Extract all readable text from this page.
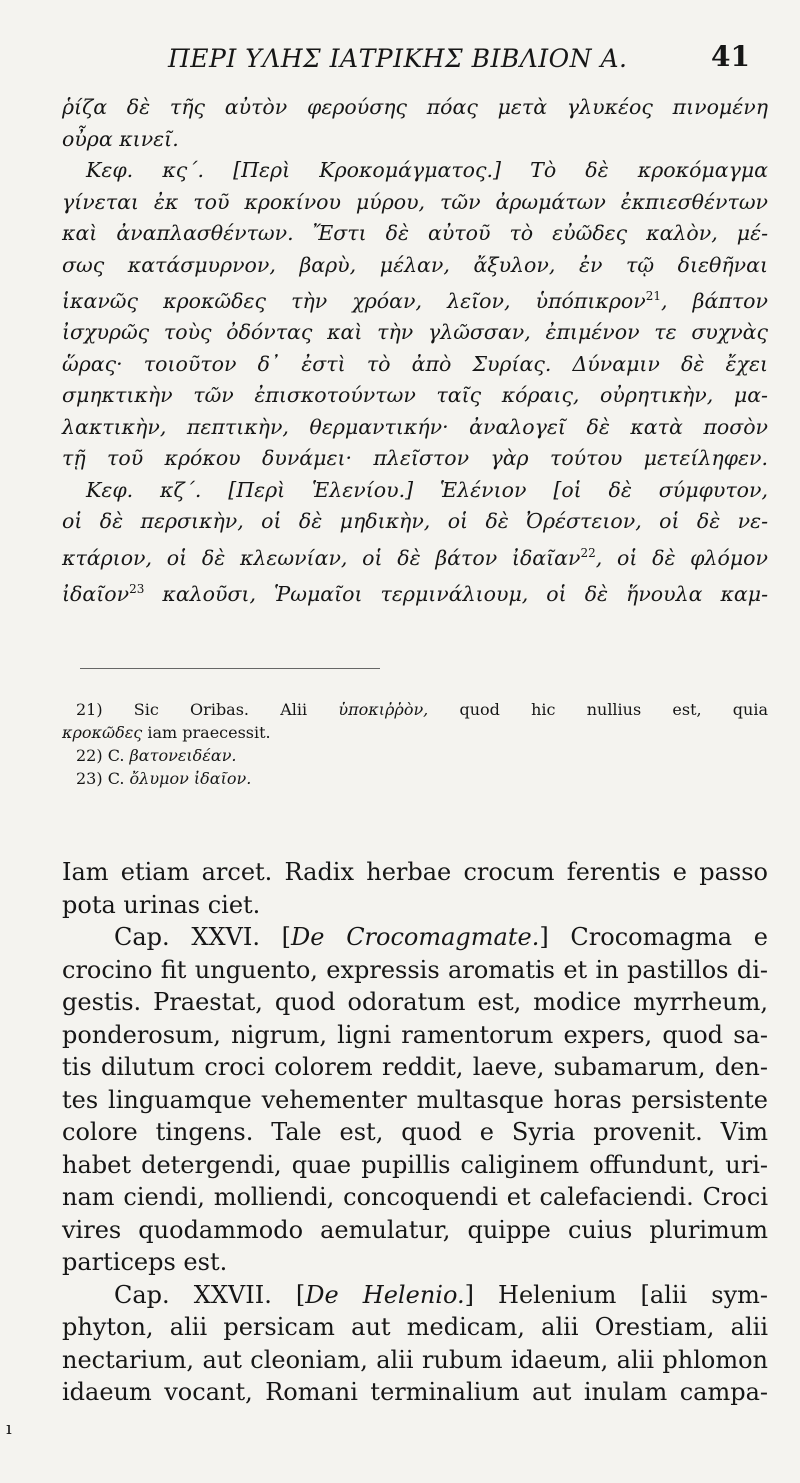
ΠΕΡΙ ΥΛΗΣ ΙΑΤΡΙΚΗΣ ΒΙΒΛΙΟΝ Α.	41

ῥίζα δὲ τῆς αὐτὸν φερούσης πόας μετὰ γλυκέος πινομένη

οὖρα κινεῖ.

Κεφ. κς΄. [Περὶ Κροκομάγματος.] Τὸ δὲ κροκόμαγμα

γίνεται ἐκ τοῦ κροκίνου μύρου, τῶν ἀρωμάτων ἐκπιεσθέντων

καὶ ἀναπλασθέντων. Ἔστι δὲ αὐτοῦ τὸ εὐῶδες καλὸν, μέ-

σως κατάσμυρνον, βαρὺ, μέλαν, ἄξυλον, ἐν τῷ διεθῆναι

ἱκανῶς κροκῶδες τὴν χρόαν, λεῖον, ὑπόπικρον$^{21}$, βάπτον

ἰσχυρῶς τοὺς ὀδόντας καὶ τὴν γλῶσσαν, ἐπιμένον τε συχνὰς

ὥρας· τοιοῦτον δ᾽ ἐστὶ τὸ ἀπὸ Συρίας. Δύναμιν δὲ ἔχει

σμηκτικὴν τῶν ἐπισκοτούντων ταῖς κόραις, οὐρητικὴν, μα-

λακτικὴν, πεπτικὴν, θερμαντικήν· ἀναλογεῖ δὲ κατὰ ποσὸν

τῇ τοῦ κρόκου δυνάμει· πλεῖστον γὰρ τούτου μετείληφεν.

Κεφ. κζ΄. [Περὶ Ἑλενίου.] Ἑλένιον [οἱ δὲ σύμφυτον,

οἱ δὲ περσικὴν, οἱ δὲ μηδικὴν, οἱ δὲ Ὀρέστειον, οἱ δὲ νε-

κτάριον, οἱ δὲ κλεωνίαν, οἱ δὲ βάτον ἰδαῖαν$^{22}$, οἱ δὲ φλόμον

ἰδαῖον$^{23}$ καλοῦσι, Ῥωμαῖοι τερμινάλιουμ, οἱ δὲ ἥνουλα καμ-

21) Sic Oribas. Alii ὑποκιῤῥὸν, quod hic nullius est, quia
κροκῶδες iam praecessit.
22) C. βατονειδέαν.
23) C. ὄλυμον ἰδαῖον.

Iam etiam arcet. Radix herbae crocum ferentis e passo

pota urinas ciet.

Cap. XXVI. [De Crocomagmate.] Crocomagma e

crocino fit unguento, expressis aromatis et in pastillos di-

gestis. Praestat, quod odoratum est, modice myrrheum,

ponderosum, nigrum, ligni ramentorum expers, quod sa-

tis dilutum croci colorem reddit, laeve, subamarum, den-

tes linguamque vehementer multasque horas persistente

colore tingens. Tale est, quod e Syria provenit. Vim

habet detergendi, quae pupillis caliginem offundunt, uri-

nam ciendi, molliendi, concoquendi et calefaciendi. Croci

vires quodammodo aemulatur, quippe cuius plurimum

particeps est.

Cap. XXVII. [De Helenio.] Helenium [alii sym-

phyton, alii persicam aut medicam, alii Orestiam, alii

nectarium, aut cleoniam, alii rubum idaeum, alii phlomon

idaeum vocant, Romani terminalium aut inulam campa-

ı
